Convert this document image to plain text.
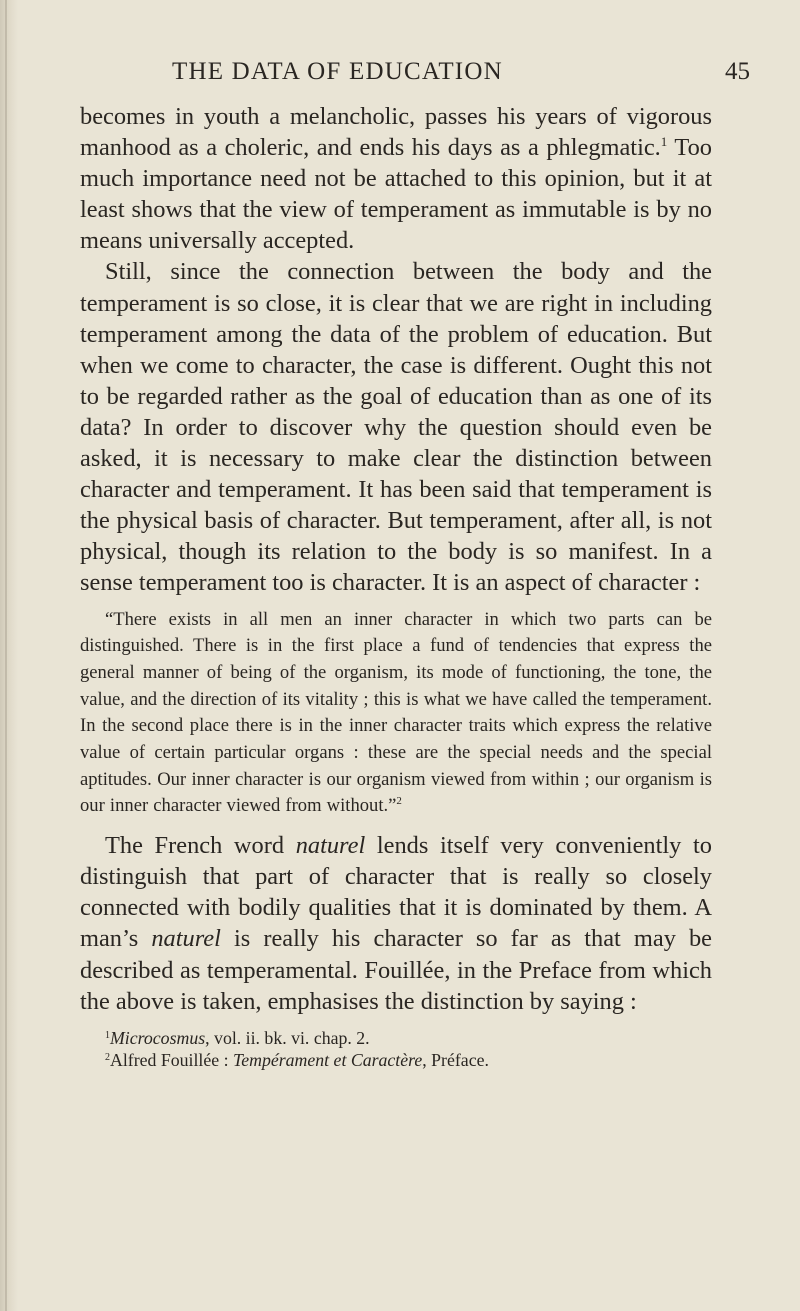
THE DATA OF EDUCATION	45

becomes in youth a melancholic, passes his years of vigorous manhood as a choleric, and ends his days as a phlegmatic.$^1$ Too much importance need not be attached to this opinion, but it at least shows that the view of temperament as immutable is by no means universally accepted.

Still, since the connection between the body and the temperament is so close, it is clear that we are right in including temperament among the data of the problem of education. But when we come to character, the case is different. Ought this not to be regarded rather as the goal of education than as one of its data? In order to discover why the question should even be asked, it is necessary to make clear the distinction between character and temperament. It has been said that temperament is the physical basis of character. But temperament, after all, is not physical, though its relation to the body is so manifest. In a sense temperament too is character. It is an aspect of character :

“There exists in all men an inner character in which two parts can be distinguished. There is in the first place a fund of tendencies that express the general manner of being of the organism, its mode of functioning, the tone, the value, and the direction of its vitality ; this is what we have called the temperament. In the second place there is in the inner character traits which express the relative value of certain particular organs : these are the special needs and the special aptitudes. Our inner character is our organism viewed from within ; our organism is our inner character viewed from without.”$^2$

The French word naturel lends itself very conveniently to distinguish that part of character that is really so closely connected with bodily qualities that it is dominated by them. A man’s naturel is really his character so far as that may be described as temperamental. Fouillée, in the Preface from which the above is taken, emphasises the distinction by saying :

$^1$Microcosmus, vol. ii. bk. vi. chap. 2.

$^2$Alfred Fouillée : Tempérament et Caractère, Préface.
